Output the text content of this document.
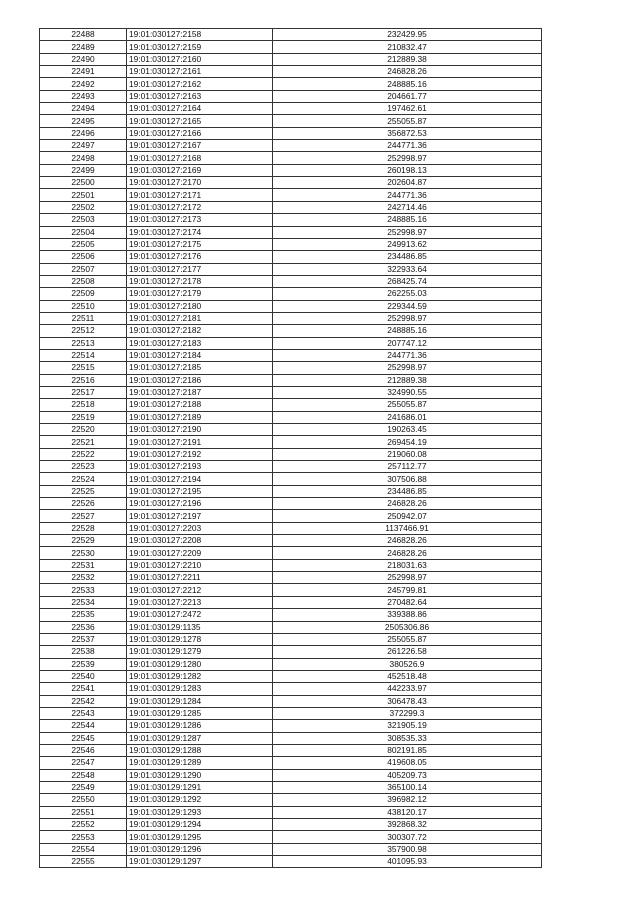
22488	19:01:030127:2158	232429.95
22489	19:01:030127:2159	210832.47
22490	19:01:030127:2160	212889.38
22491	19:01:030127:2161	246828.26
22492	19:01:030127:2162	248885.16
22493	19:01:030127:2163	204661.77
22494	19:01:030127:2164	197462.61
22495	19:01:030127:2165	255055.87
22496	19:01:030127:2166	356872.53
22497	19:01:030127:2167	244771.36
22498	19:01:030127:2168	252998.97
22499	19:01:030127:2169	260198.13
22500	19:01:030127:2170	202604.87
22501	19:01:030127:2171	244771.36
22502	19:01:030127:2172	242714.46
22503	19:01:030127:2173	248885.16
22504	19:01:030127:2174	252998.97
22505	19:01:030127:2175	249913.62
22506	19:01:030127:2176	234486.85
22507	19:01:030127:2177	322933.64
22508	19:01:030127:2178	268425.74
22509	19:01:030127:2179	262255.03
22510	19:01:030127:2180	229344.59
22511	19:01:030127:2181	252998.97
22512	19:01:030127:2182	248885.16
22513	19:01:030127:2183	207747.12
22514	19:01:030127:2184	244771.36
22515	19:01:030127:2185	252998.97
22516	19:01:030127:2186	212889.38
22517	19:01:030127:2187	324990.55
22518	19:01:030127:2188	255055.87
22519	19:01:030127:2189	241686.01
22520	19:01:030127:2190	190263.45
22521	19:01:030127:2191	269454.19
22522	19:01:030127:2192	219060.08
22523	19:01:030127:2193	257112.77
22524	19:01:030127:2194	307506.88
22525	19:01:030127:2195	234486.85
22526	19:01:030127:2196	246828.26
22527	19:01:030127:2197	250942.07
22528	19:01:030127:2203	1137466.91
22529	19:01:030127:2208	246828.26
22530	19:01:030127:2209	246828.26
22531	19:01:030127:2210	218031.63
22532	19:01:030127:2211	252998.97
22533	19:01:030127:2212	245799.81
22534	19:01:030127:2213	270482.64
22535	19:01:030127:2472	339388.86
22536	19:01:030129:1135	2505306.86
22537	19:01:030129:1278	255055.87
22538	19:01:030129:1279	261226.58
22539	19:01:030129:1280	380526.9
22540	19:01:030129:1282	452518.48
22541	19:01:030129:1283	442233.97
22542	19:01:030129:1284	306478.43
22543	19:01:030129:1285	372299.3
22544	19:01:030129:1286	321905.19
22545	19:01:030129:1287	308535.33
22546	19:01:030129:1288	802191.85
22547	19:01:030129:1289	419608.05
22548	19:01:030129:1290	405209.73
22549	19:01:030129:1291	365100.14
22550	19:01:030129:1292	396982.12
22551	19:01:030129:1293	438120.17
22552	19:01:030129:1294	392868.32
22553	19:01:030129:1295	300307.72
22554	19:01:030129:1296	357900.98
22555	19:01:030129:1297	401095.93
